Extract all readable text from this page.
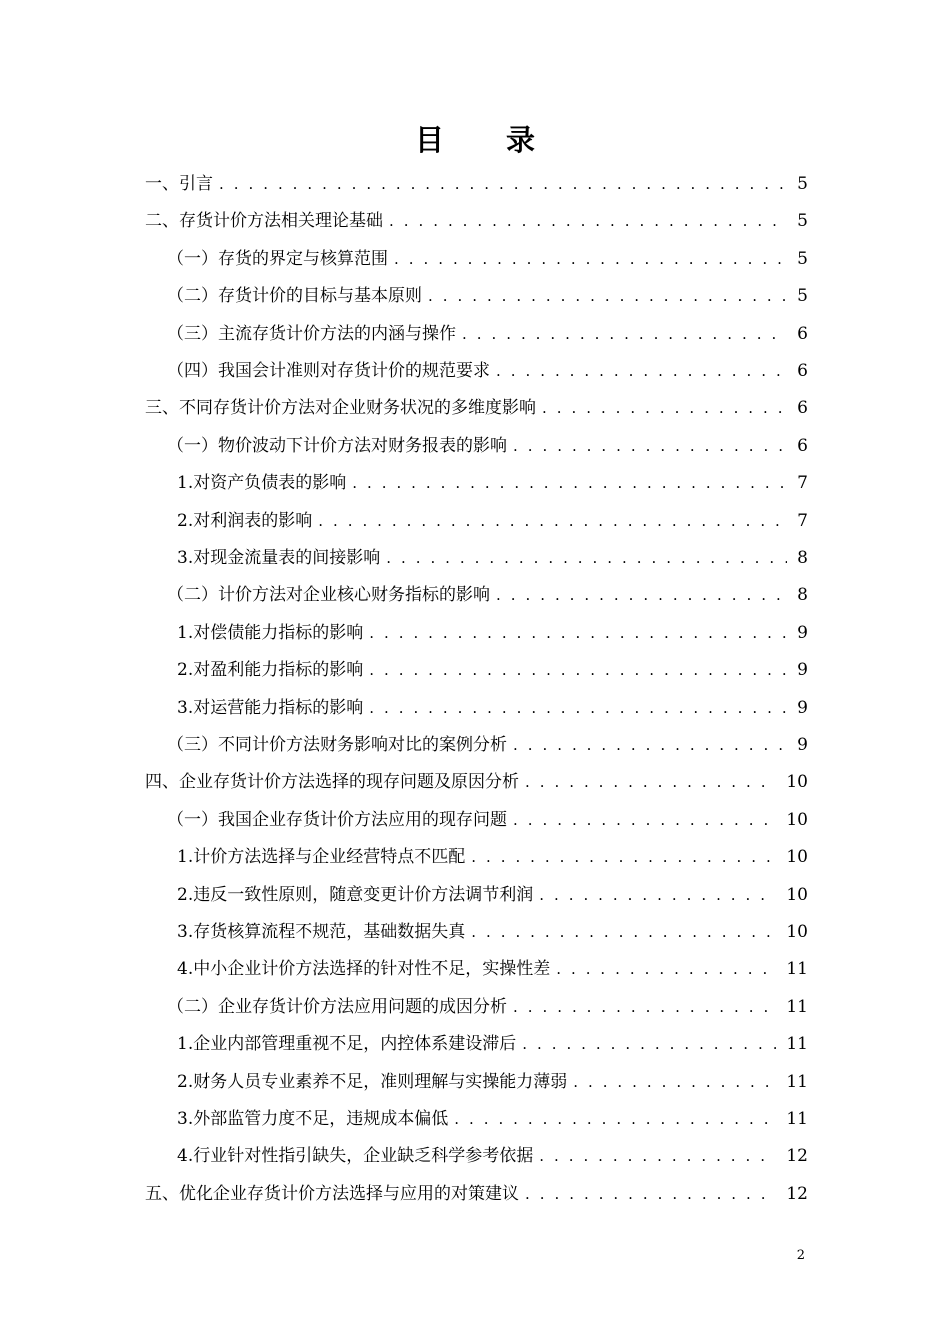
目 录
一、引言 . . .	5
二、存货计价方法相关理论基础 . . .	5
（一）存货的界定与核算范围 . . .	5
（二）存货计价的目标与基本原则 . . .	5
（三）主流存货计价方法的内涵与操作 . . .	6
（四）我国会计准则对存货计价的规范要求 . . .	6
三、不同存货计价方法对企业财务状况的多维度影响 . . .	6
（一）物价波动下计价方法对财务报表的影响 . . .	6
1.对资产负债表的影响 . . .	7
2.对利润表的影响 . . .	7
3.对现金流量表的间接影响 . . .	8
（二）计价方法对企业核心财务指标的影响 . . .	8
1.对偿债能力指标的影响 . . .	9
2.对盈利能力指标的影响 . . .	9
3.对运营能力指标的影响 . . .	9
（三）不同计价方法财务影响对比的案例分析 . . .	9
四、企业存货计价方法选择的现存问题及原因分析 . . .	10
（一）我国企业存货计价方法应用的现存问题 . . .	10
1.计价方法选择与企业经营特点不匹配 . . .	10
2.违反一致性原则，随意变更计价方法调节利润 . . .	10
3.存货核算流程不规范，基础数据失真 . . .	10
4.中小企业计价方法选择的针对性不足，实操性差 . . .	11
（二）企业存货计价方法应用问题的成因分析 . . .	11
1.企业内部管理重视不足，内控体系建设滞后 . . .	11
2.财务人员专业素养不足，准则理解与实操能力薄弱 . . .	11
3.外部监管力度不足，违规成本偏低 . . .	11
4.行业针对性指引缺失，企业缺乏科学参考依据 . . .	12
五、优化企业存货计价方法选择与应用的对策建议 . . .	12
2
